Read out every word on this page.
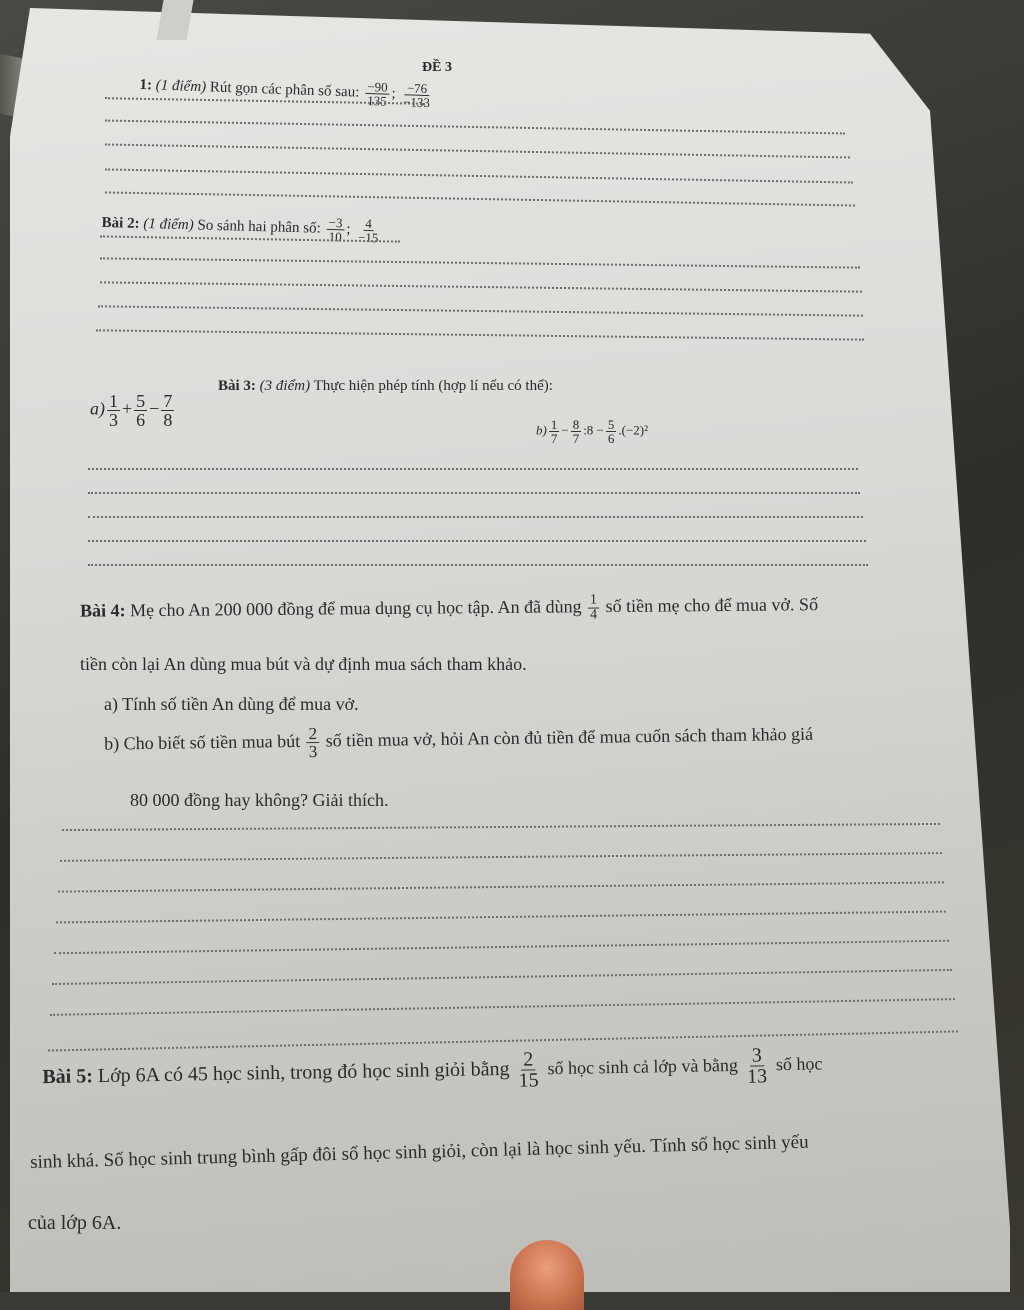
ĐỀ 3
1: (1 điểm) Rút gọn các phân số sau: $\frac{-90}{135}$ ; $\frac{-76}{-133}$
Bài 2: (1 điểm) So sánh hai phân số: $\frac{-3}{10}$ ; $\frac{4}{-15}$
Bài 3: (3 điểm) Thực hiện phép tính (hợp lí nếu có thể):
$a) \frac{1}{3} + \frac{5}{6} - \frac{7}{8}$
$b) \frac{1}{7} - \frac{8}{7}$ :8 − $\frac{5}{6} .(-2)^2$
Bài 4: Mẹ cho An 200 000 đồng để mua dụng cụ học tập. An đã dùng $\frac{1}{4}$ số tiền mẹ cho để mua vở. Số
tiền còn lại An dùng mua bút và dự định mua sách tham khảo.
a) Tính số tiền An dùng để mua vở.
b) Cho biết số tiền mua bút $\frac{2}{3}$ số tiền mua vở, hỏi An còn đủ tiền để mua cuốn sách tham khảo giá
80 000 đồng hay không? Giải thích.
Bài 5: Lớp 6A có 45 học sinh, trong đó học sinh giỏi bằng $\frac{2}{15}$ số học sinh cả lớp và bằng $\frac{3}{13}$ số học
sinh khá. Số học sinh trung bình gấp đôi số học sinh giỏi, còn lại là học sinh yếu. Tính số học sinh yếu
của lớp 6A.
